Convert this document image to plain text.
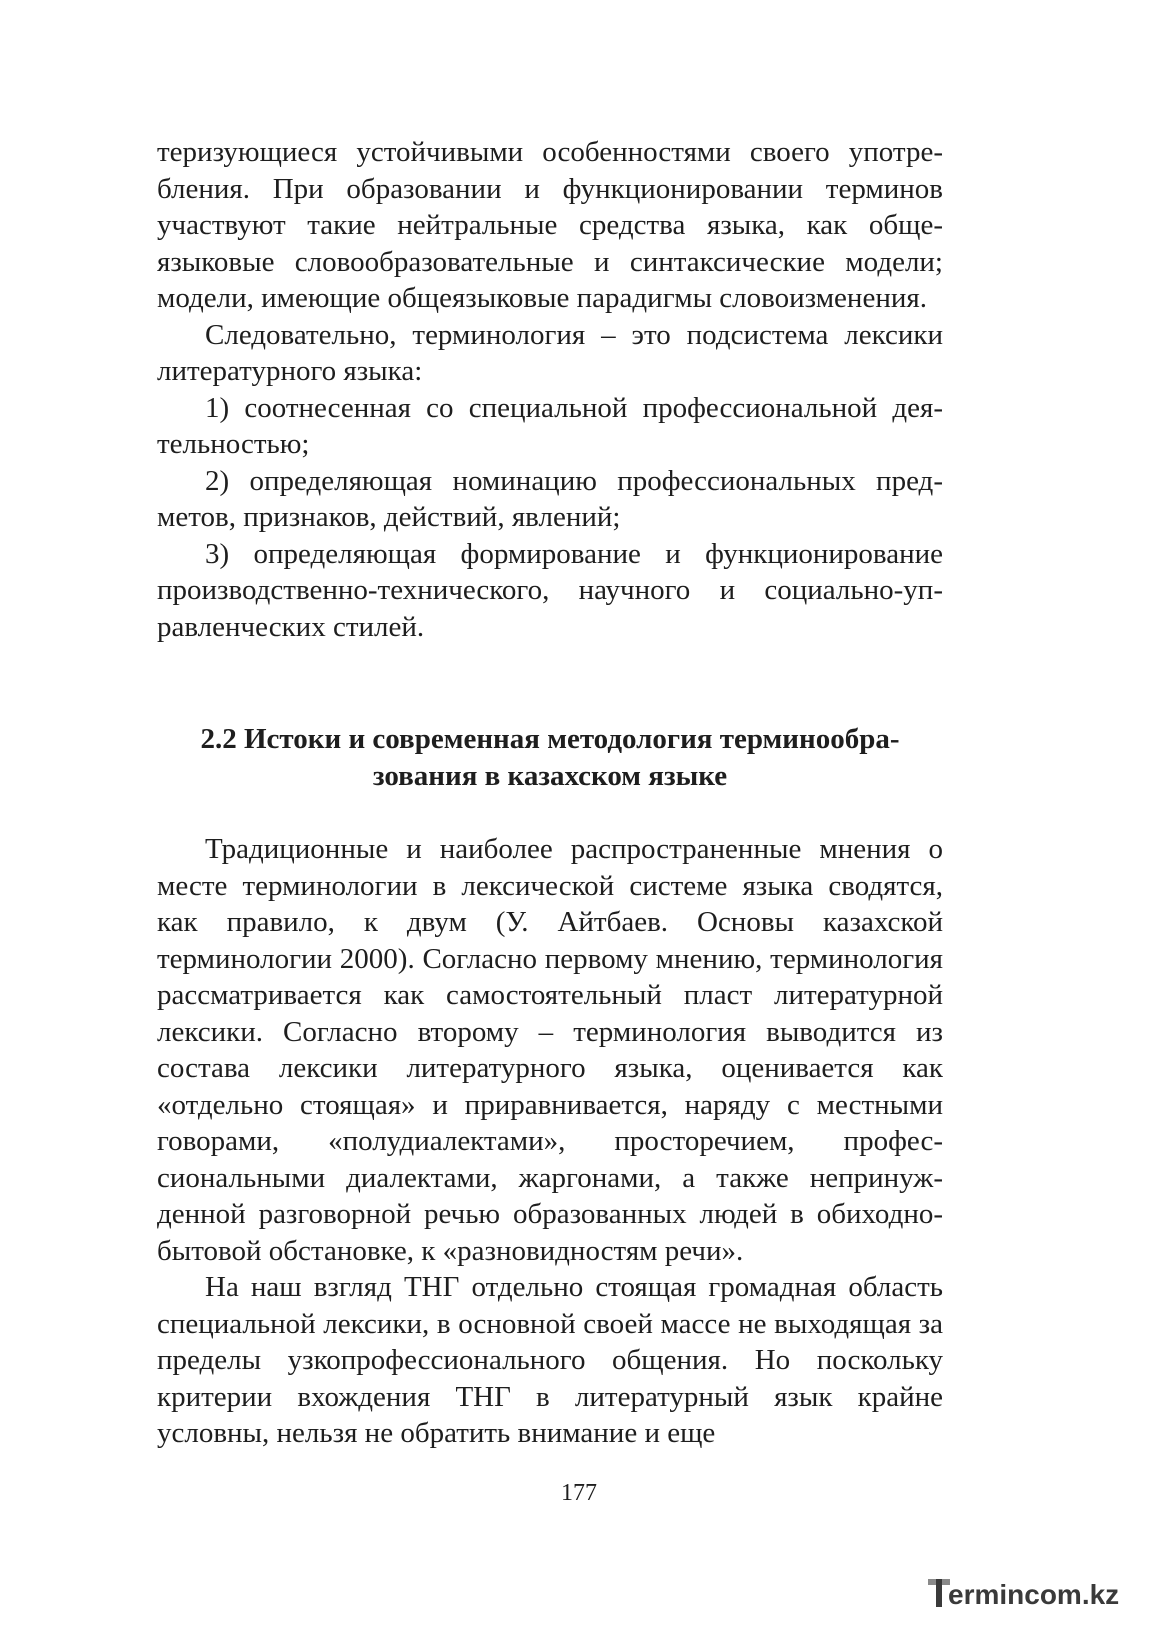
теризующиеся устойчивыми особенностями своего употребления. При образовании и функционировании терминов участвуют такие нейтральные средства языка, как общеязыковые словообразовательные и синтаксические модели; модели, имеющие общеязыковые парадигмы словоизменения.

Следовательно, терминология – это подсистема лексики литературного языка:

1) соотнесенная со специальной профессиональной деятельностью;

2) определяющая номинацию профессиональных предметов, признаков, действий, явлений;

3) определяющая формирование и функционирование производственно-технического, научного и социально-управленческих стилей.

2.2 Истоки и современная методология терминообразования в казахском языке

Традиционные и наиболее распространенные мнения о месте терминологии в лексической системе языка сводятся, как правило, к двум (У. Айтбаев. Основы казахской терминологии 2000). Согласно первому мнению, терминология рассматривается как самостоятельный пласт литературной лексики. Согласно второму – терминология выводится из состава лексики литературного языка, оценивается как «отдельно стоящая» и приравнивается, наряду с местными говорами, «полудиалектами», просторечием, профессиональными диалектами, жаргонами, а также непринужденной разговорной речью образованных людей в обиходно-бытовой обстановке, к «разновидностям речи».

На наш взгляд ТНГ отдельно стоящая громадная область специальной лексики, в основной своей массе не выходящая за пределы узкопрофессионального общения. Но поскольку критерии вхождения ТНГ в литературный язык крайне условны, нельзя не обратить внимание и еще

177
ermincom.kz
